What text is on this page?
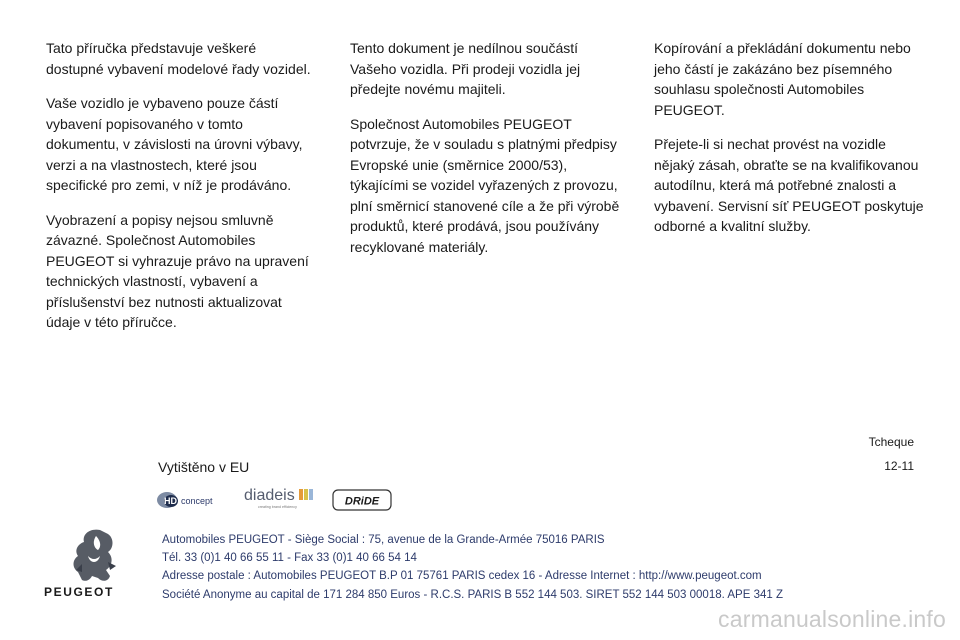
Tato příručka představuje veškeré dostupné vybavení modelové řady vozidel.

Vaše vozidlo je vybaveno pouze částí vybavení popisovaného v tomto dokumentu, v závislosti na úrovni výbavy, verzi a na vlastnostech, které jsou specifické pro zemi, v níž je prodáváno.

Vyobrazení a popisy nejsou smluvně závazné. Společnost Automobiles PEUGEOT si vyhrazuje právo na upravení technických vlastností, vybavení a příslušenství bez nutnosti aktualizovat údaje v této příručce.

Tento dokument je nedílnou součástí Vašeho vozidla. Při prodeji vozidla jej předejte novému majiteli.

Společnost Automobiles PEUGEOT potvrzuje, že v souladu s platnými předpisy Evropské unie (směrnice 2000/53), týkajícími se vozidel vyřazených z provozu, plní směrnicí stanovené cíle a že při výrobě produktů, které prodává, jsou používány recyklované materiály.

Kopírování a překládání dokumentu nebo jeho částí je zakázáno bez písemného souhlasu společnosti Automobiles PEUGEOT.

Přejete-li si nechat provést na vozidle nějaký zásah, obraťte se na kvalifikovanou autodílnu, která má potřebné znalosti a vybavení. Servisní síť PEUGEOT poskytuje odborné a kvalitní služby.

Tcheque
Vytištěno v EU	12-11
HD concept diadeis
creating brand efficiency	DRiDE
PEUGEOT
Automobiles PEUGEOT - Siège Social : 75, avenue de la Grande-Armée 75016 PARIS
Tél. 33 (0)1 40 66 55 11 - Fax 33 (0)1 40 66 54 14
Adresse postale : Automobiles PEUGEOT B.P 01 75761 PARIS cedex 16 - Adresse Internet : http://www.peugeot.com
Société Anonyme au capital de 171 284 850 Euros - R.C.S. PARIS B 552 144 503. SIRET 552 144 503 00018. APE 341 Z
carmanualsonline.info
